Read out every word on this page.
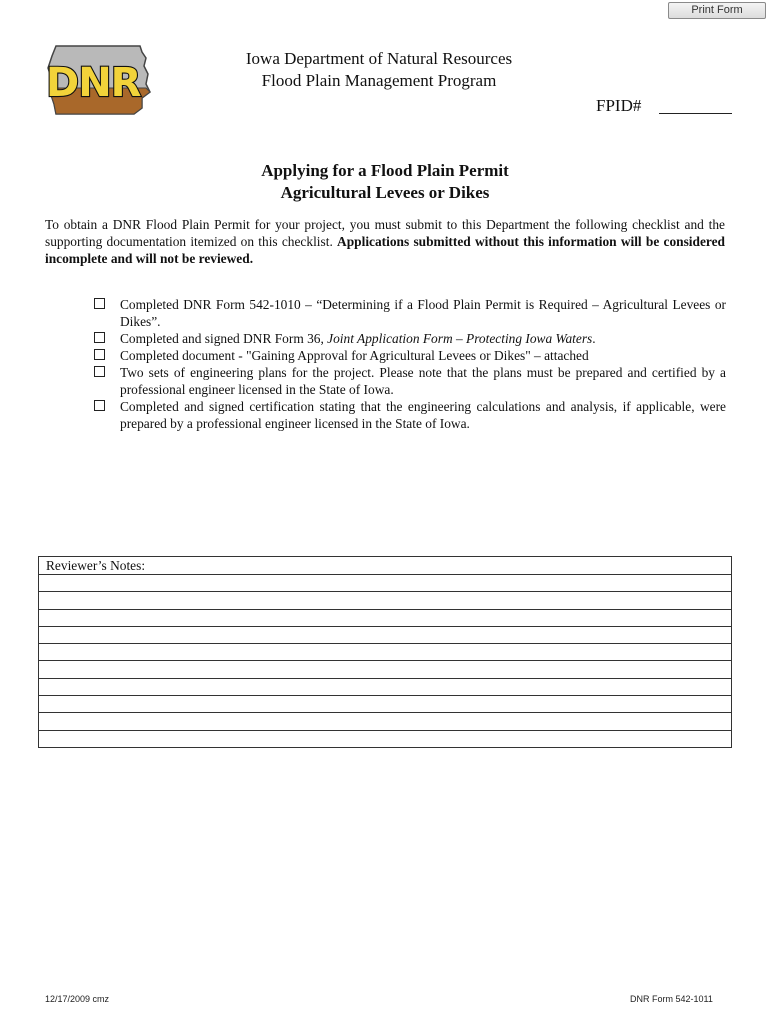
Print Form
DNR
Iowa Department of Natural Resources
Flood Plain Management Program
FPID#
Applying for a Flood Plain Permit
Agricultural Levees or Dikes
To obtain a DNR Flood Plain Permit for your project, you must submit to this Department the following checklist and the supporting documentation itemized on this checklist. Applications submitted without this information will be considered incomplete and will not be reviewed.
Completed DNR Form 542-1010 – “Determining if a Flood Plain Permit is Required – Agricultural Levees or Dikes”.
Completed and signed DNR Form 36, Joint Application Form – Protecting Iowa Waters.
Completed document - "Gaining Approval for Agricultural Levees or Dikes" – attached
Two sets of engineering plans for the project. Please note that the plans must be prepared and certified by a professional engineer licensed in the State of Iowa.
Completed and signed certification stating that the engineering calculations and analysis, if applicable, were prepared by a professional engineer licensed in the State of Iowa.
Reviewer’s Notes:
12/17/2009 cmz	DNR Form 542-1011
